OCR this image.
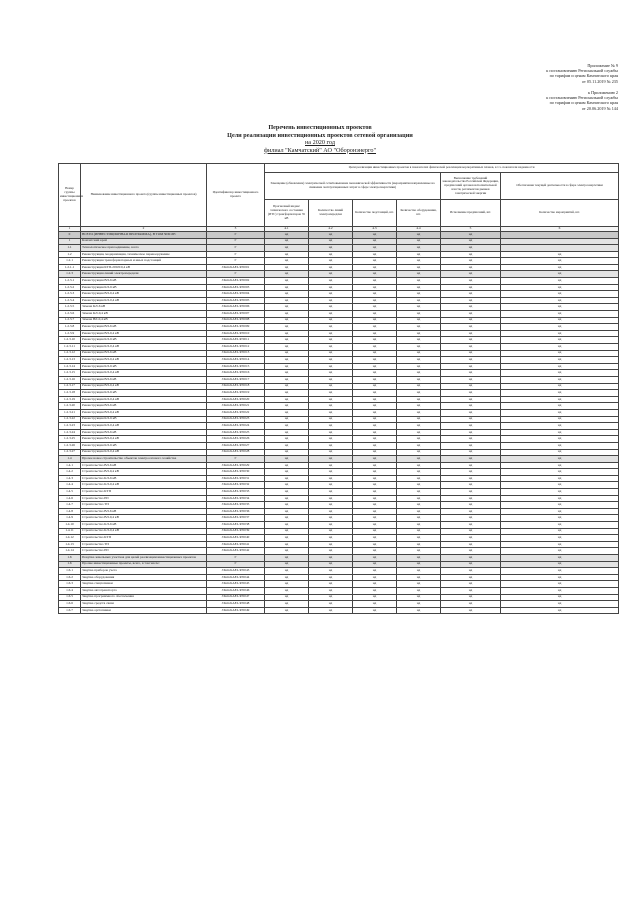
Приложение № 9
к постановлению Региональной службы
по тарифам и ценам Камчатского края
от 05.11.2019 № 235
к Приложению 2
к постановлению Региональной службы
по тарифам и ценам Камчатского края
от 20.06.2019 № 144
Перечень инвестиционных проектов
Цели реализации инвестиционных проектов сетевой организации
на 2020 год
филиал "Камчатский" АО "Оборонэнерго"
Номер группы инвестиционных проектов	Наименование инвестиционного проекта (группы инвестиционных проектов)	Идентификатор инвестиционного проекта	Цели реализации инвестиционных проектов в показателях физической реализации корпоративных планов, в т.ч. показатели надежности						
			Замещение (обновление) электрической сети/повышение экономической эффективности (мероприятия направленные на снижение эксплуатационных затрат в сфере электроэнергетики)				Выполнение требований законодательства Российской Федерации, предписаний органов исполнительной власти, регламентов рынков электрической энергии	Обеспечение текущей деятельности в сфере электроэнергетики	
			Прогнозный индекс технического состояния (ИТС) трансформаторов 35 кВ	Количество линий электропередачи	Количество подстанций, шт.	Количество оборудования, шт.	Исполнение предписаний, шт.	Количество мероприятий, шт.	
1	2	3	4.1	4.2	4.3	4.4	5	6	
0	ВСЕГО (ИНВЕСТИЦИОННАЯ ПРОГРАММА), В ТОМ ЧИСЛЕ:	Г	нд	нд	нд	нд	нд		
1	Камчатский край	Г	нд	нд	нд	нд	нд		
1.1	Технологическое присоединение, всего	Г	нд	нд	нд	нд	нд		
1.2	Реконструкция, модернизация, техническое перевооружение	Г	нд	нд	нд	нд	нд	нд	
1.2.1	Реконструкция трансформаторных и иных подстанций	Г	нд	нд	нд	нд	нд	нд	
1.2.1.1	Реконструкция КТП-200/6/0,4 кВ	J/KmchAEL/P/0001	нд	нд	нд	нд	нд	нд	
1.2.3	Реконструкция линий электропередачи	Г	нд	нд	нд	нд	нд	нд	
1.2.3.1	Реконструкция ВЛ-6 кВ	J/KmchAEL/P/0002	нд	нд	нд	нд	нд	нд	
1.2.3.2	Реконструкция КЛ-6 кВ	J/KmchAEL/P/0003	нд	нд	нд	нд	нд	нд	
1.2.3.3	Реконструкция ВЛ-0,4 кВ	J/KmchAEL/P/0004	нд	нд	нд	нд	нд	нд	
1.2.3.4	Реконструкция КЛ-0,4 кВ	J/KmchAEL/P/0005	нд	нд	нд	нд	нд	нд	
1.2.3.5	Замена КЛ-6 кВ	J/KmchAEL/P/0006	нд	нд	нд	нд	нд	нд	
1.2.3.6	Замена КЛ-0,4 кВ	J/KmchAEL/P/0007	нд	нд	нд	нд	нд	нд	
1.2.3.7	Замена ВЛ-0,4 кВ	J/KmchAEL/P/0008	нд	нд	нд	нд	нд	нд	
1.2.3.8	Реконструкция ВЛ-6 кВ	J/KmchAEL/P/0009	нд	нд	нд	нд	нд	нд	
1.2.3.9	Реконструкция ВЛ-0,4 кВ	J/KmchAEL/P/0010	нд	нд	нд	нд	нд	нд	
1.2.3.10	Реконструкция КЛ-6 кВ	J/KmchAEL/P/0011	нд	нд	нд	нд	нд	нд	
1.2.3.11	Реконструкция КЛ-0,4 кВ	J/KmchAEL/P/0012	нд	нд	нд	нд	нд	нд	
1.2.3.12	Реконструкция ВЛ-6 кВ	J/KmchAEL/P/0013	нд	нд	нд	нд	нд	нд	
1.2.3.13	Реконструкция ВЛ-0,4 кВ	J/KmchAEL/P/0014	нд	нд	нд	нд	нд	нд	
1.2.3.14	Реконструкция КЛ-6 кВ	J/KmchAEL/P/0015	нд	нд	нд	нд	нд	нд	
1.2.3.15	Реконструкция КЛ-0,4 кВ	J/KmchAEL/P/0016	нд	нд	нд	нд	нд	нд	
1.2.3.16	Реконструкция ВЛ-6 кВ	J/KmchAEL/P/0017	нд	нд	нд	нд	нд	нд	
1.2.3.17	Реконструкция ВЛ-0,4 кВ	J/KmchAEL/P/0018	нд	нд	нд	нд	нд	нд	
1.2.3.18	Реконструкция КЛ-6 кВ	J/KmchAEL/P/0019	нд	нд	нд	нд	нд	нд	
1.2.3.19	Реконструкция КЛ-0,4 кВ	J/KmchAEL/P/0020	нд	нд	нд	нд	нд	нд	
1.2.3.20	Реконструкция ВЛ-6 кВ	J/KmchAEL/P/0021	нд	нд	нд	нд	нд	нд	
1.2.3.21	Реконструкция ВЛ-0,4 кВ	J/KmchAEL/P/0022	нд	нд	нд	нд	нд	нд	
1.2.3.22	Реконструкция КЛ-6 кВ	J/KmchAEL/P/0023	нд	нд	нд	нд	нд	нд	
1.2.3.23	Реконструкция КЛ-0,4 кВ	J/KmchAEL/P/0024	нд	нд	нд	нд	нд	нд	
1.2.3.24	Реконструкция ВЛ-6 кВ	J/KmchAEL/P/0025	нд	нд	нд	нд	нд	нд	
1.2.3.25	Реконструкция ВЛ-0,4 кВ	J/KmchAEL/P/0026	нд	нд	нд	нд	нд	нд	
1.2.3.26	Реконструкция КЛ-6 кВ	J/KmchAEL/P/0027	нд	нд	нд	нд	нд	нд	
1.2.3.27	Реконструкция КЛ-0,4 кВ	J/KmchAEL/P/0028	нд	нд	нд	нд	нд	нд	
1.4	Прочее новое строительство объектов электросетевого хозяйства	Г	нд	нд	нд	нд	нд	нд	
1.4.1	Строительство ВЛ-6 кВ	J/KmchAEL/P/0029	нд	нд	нд	нд	нд	нд	
1.4.2	Строительство ВЛ-0,4 кВ	J/KmchAEL/P/0030	нд	нд	нд	нд	нд	нд	
1.4.3	Строительство КЛ-6 кВ	J/KmchAEL/P/0031	нд	нд	нд	нд	нд	нд	
1.4.4	Строительство КЛ-0,4 кВ	J/KmchAEL/P/0032	нд	нд	нд	нд	нд	нд	
1.4.5	Строительство КТП	J/KmchAEL/P/0033	нд	нд	нд	нд	нд	нд	
1.4.6	Строительство РП	J/KmchAEL/P/0034	нд	нд	нд	нд	нд	нд	
1.4.7	Строительство ТП	J/KmchAEL/P/0035	нд	нд	нд	нд	нд	нд	
1.4.8	Строительство ВЛ-6 кВ	J/KmchAEL/P/0036	нд	нд	нд	нд	нд	нд	
1.4.9	Строительство ВЛ-0,4 кВ	J/KmchAEL/P/0037	нд	нд	нд	нд	нд	нд	
1.4.10	Строительство КЛ-6 кВ	J/KmchAEL/P/0038	нд	нд	нд	нд	нд	нд	
1.4.11	Строительство КЛ-0,4 кВ	J/KmchAEL/P/0039	нд	нд	нд	нд	нд	нд	
1.4.12	Строительство КТП	J/KmchAEL/P/0040	нд	нд	нд	нд	нд	нд	
1.4.13	Строительство ТП	J/KmchAEL/P/0041	нд	нд	нд	нд	нд	нд	
1.4.14	Строительство РП	J/KmchAEL/P/0042	нд	нд	нд	нд	нд	нд	
1.6	Покупка земельных участков для целей реализации инвестиционных проектов	Г	нд	нд	нд	нд	нд	нд	
1.6	Прочие инвестиционные проекты, всего, в том числе:	Г	нд	нд	нд	нд	нд	нд	
1.6.1	Закупка приборов учета	J/KmchAEL/P/0043	нд	нд	нд	нд	нд	нд	
1.6.2	Закупка оборудования	J/KmchAEL/P/0044	нд	нд	нд	нд	нд	нд	
1.6.3	Закупка спецтехники	J/KmchAEL/P/0045	нд	нд	нд	нд	нд	нд	
1.6.4	Закупка автотранспорта	J/KmchAEL/P/0046	нд	нд	нд	нд	нд	нд	
1.6.5	Закупка программного обеспечения	J/KmchAEL/P/0047	нд	нд	нд	нд	нд	нд	
1.6.6	Закупка средств связи	J/KmchAEL/P/0048	нд	нд	нд	нд	нд	нд	
1.6.7	Закупка оргтехники	J/KmchAEL/P/0049	нд	нд	нд	нд	нд	нд	
